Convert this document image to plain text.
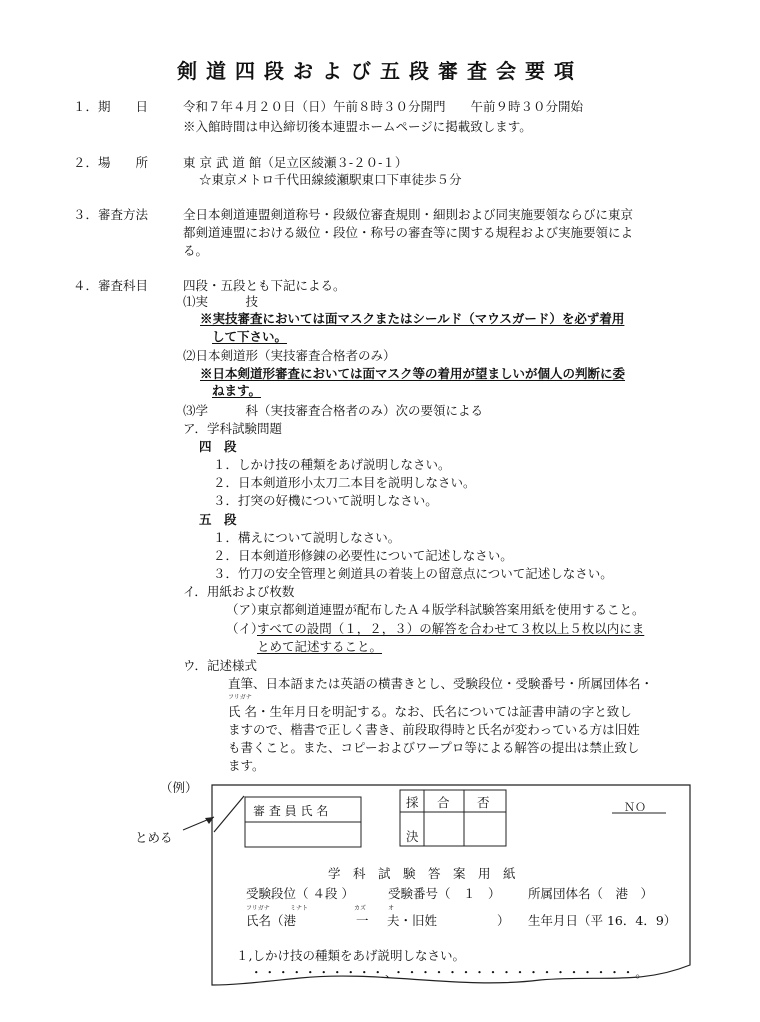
剣道四段および五段審査会要項
１．期　　日	令和７年４月２０日（日）午前８時３０分開門　　午前９時３０分開始
※入館時間は申込締切後本連盟ホームページに掲載致します。
２．場　　所	東 京 武 道 館（足立区綾瀬３‐２０‐１）
☆東京メトロ千代田線綾瀬駅東口下車徒歩５分
３．審査方法	全日本剣道連盟剣道称号・段級位審査規則・細則および同実施要領ならびに東京
都剣道連盟における級位・段位・称号の審査等に関する規程および実施要領によ
る。
４．審査科目	四段・五段とも下記による。
⑴実　　　技
※実技審査においては面マスクまたはシールド（マウスガード）を必ず着用
して下さい。
⑵日本剣道形（実技審査合格者のみ）
※日本剣道形審査においては面マスク等の着用が望ましいが個人の判断に委
ねます。
⑶学　　　科（実技審査合格者のみ）次の要領による
ア．学科試験問題
四　段
１．しかけ技の種類をあげ説明しなさい。
２．日本剣道形小太刀二本目を説明しなさい。
３．打突の好機について説明しなさい。
五　段
１．構えについて説明しなさい。
２．日本剣道形修錬の必要性について記述しなさい。
３．竹刀の安全管理と剣道具の着装上の留意点について記述しなさい。
イ．用紙および枚数
（ア）
東京都剣道連盟が配布したＡ４版学科試験答案用紙を使用すること。
（イ）
すべての設問（１，２，３）の解答を合わせて３枚以上５枚以内にま
とめて記述すること。
ウ．記述様式
直筆、日本語または英語の横書きとし、受験段位・受験番号・所属団体名・
フリガナ
氏 名・生年月日を明記する。なお、氏名については証書申請の字と致し
ますので、楷書で正しく書き、前段取得時と氏名が変わっている方は旧姓
も書くこと。また、コピーおよびワープロ等による解答の提出は禁止致し
ます。
（例）
とめる
審 査 員 氏 名
採
決
合 否	ＮＯ
学　科　試　験　答　案　用　紙
受験段位（ ４段 ）	受験番号（　１　） 所属団体名（　港　）
フリガナ	ミナト	カズ	オ
氏名（港	一 夫・旧姓	） 生年月日（平 16．4．9）
１,しかけ技の種類をあげ説明しなさい。
・・・・・・・・・・、・・・・・・・・・・・・・・・・・・。
